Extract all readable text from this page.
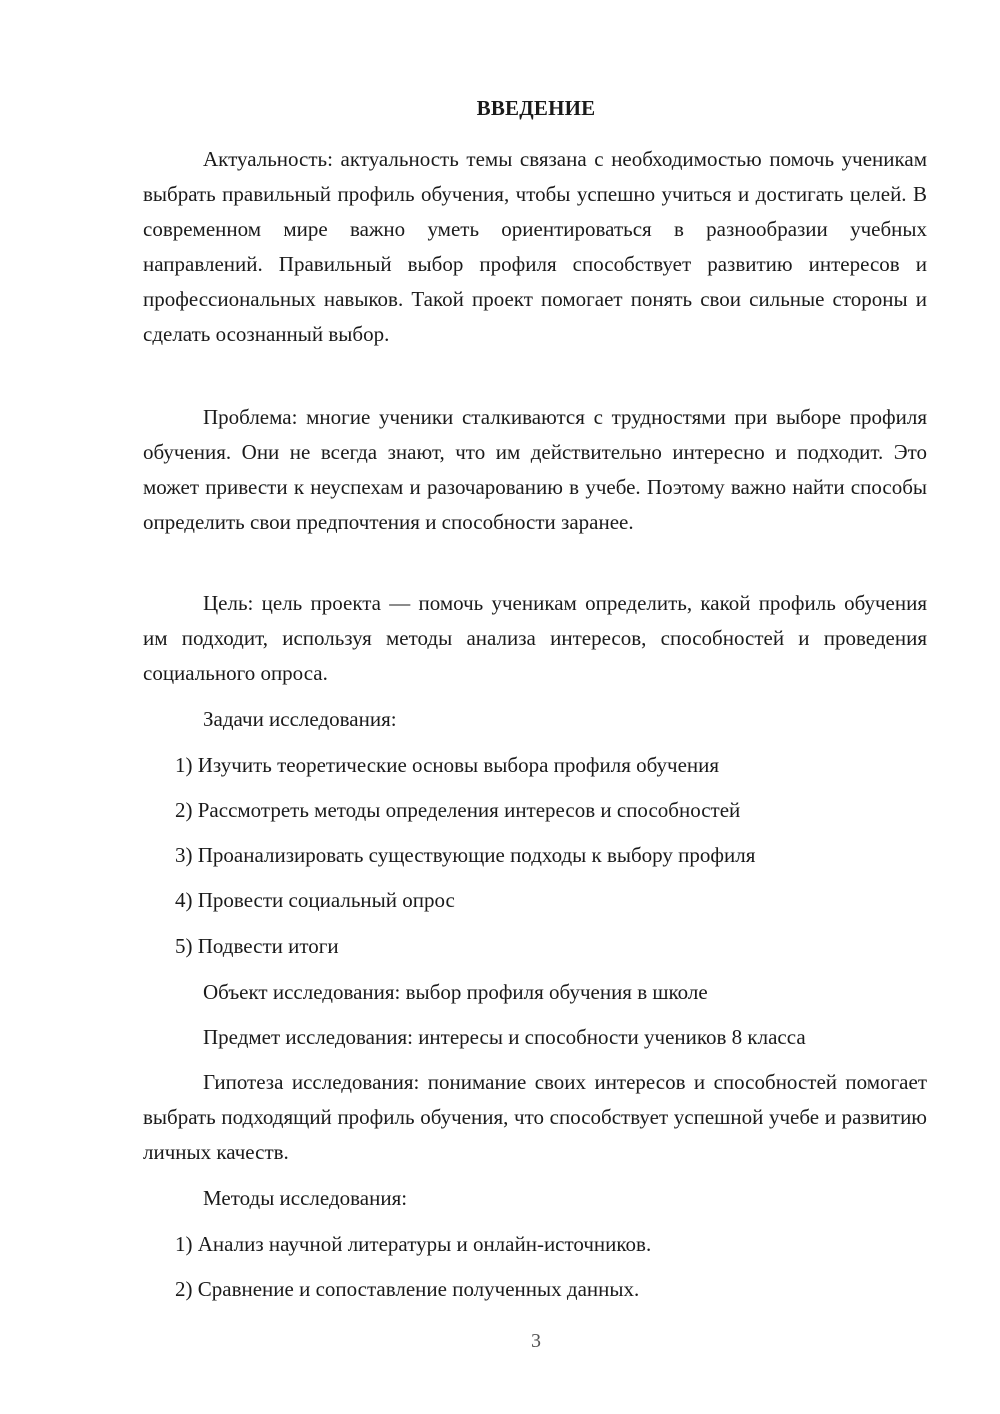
ВВЕДЕНИЕ

Актуальность: актуальность темы связана с необходимостью помочь ученикам выбрать правильный профиль обучения, чтобы успешно учиться и достигать целей. В современном мире важно уметь ориентироваться в разнообразии учебных направлений. Правильный выбор профиля способствует развитию интересов и профессиональных навыков. Такой проект помогает понять свои сильные стороны и сделать осознанный выбор.

Проблема: многие ученики сталкиваются с трудностями при выборе профиля обучения. Они не всегда знают, что им действительно интересно и подходит. Это может привести к неуспехам и разочарованию в учебе. Поэтому важно найти способы определить свои предпочтения и способности заранее.

Цель: цель проекта — помочь ученикам определить, какой профиль обучения им подходит, используя методы анализа интересов, способностей и проведения социального опроса.

Задачи исследования:

1) Изучить теоретические основы выбора профиля обучения

2) Рассмотреть методы определения интересов и способностей

3) Проанализировать существующие подходы к выбору профиля

4) Провести социальный опрос

5) Подвести итоги

Объект исследования: выбор профиля обучения в школе

Предмет исследования: интересы и способности учеников 8 класса

Гипотеза исследования: понимание своих интересов и способностей помогает выбрать подходящий профиль обучения, что способствует успешной учебе и развитию личных качеств.

Методы исследования:

1) Анализ научной литературы и онлайн-источников.

2) Сравнение и сопоставление полученных данных.

3
